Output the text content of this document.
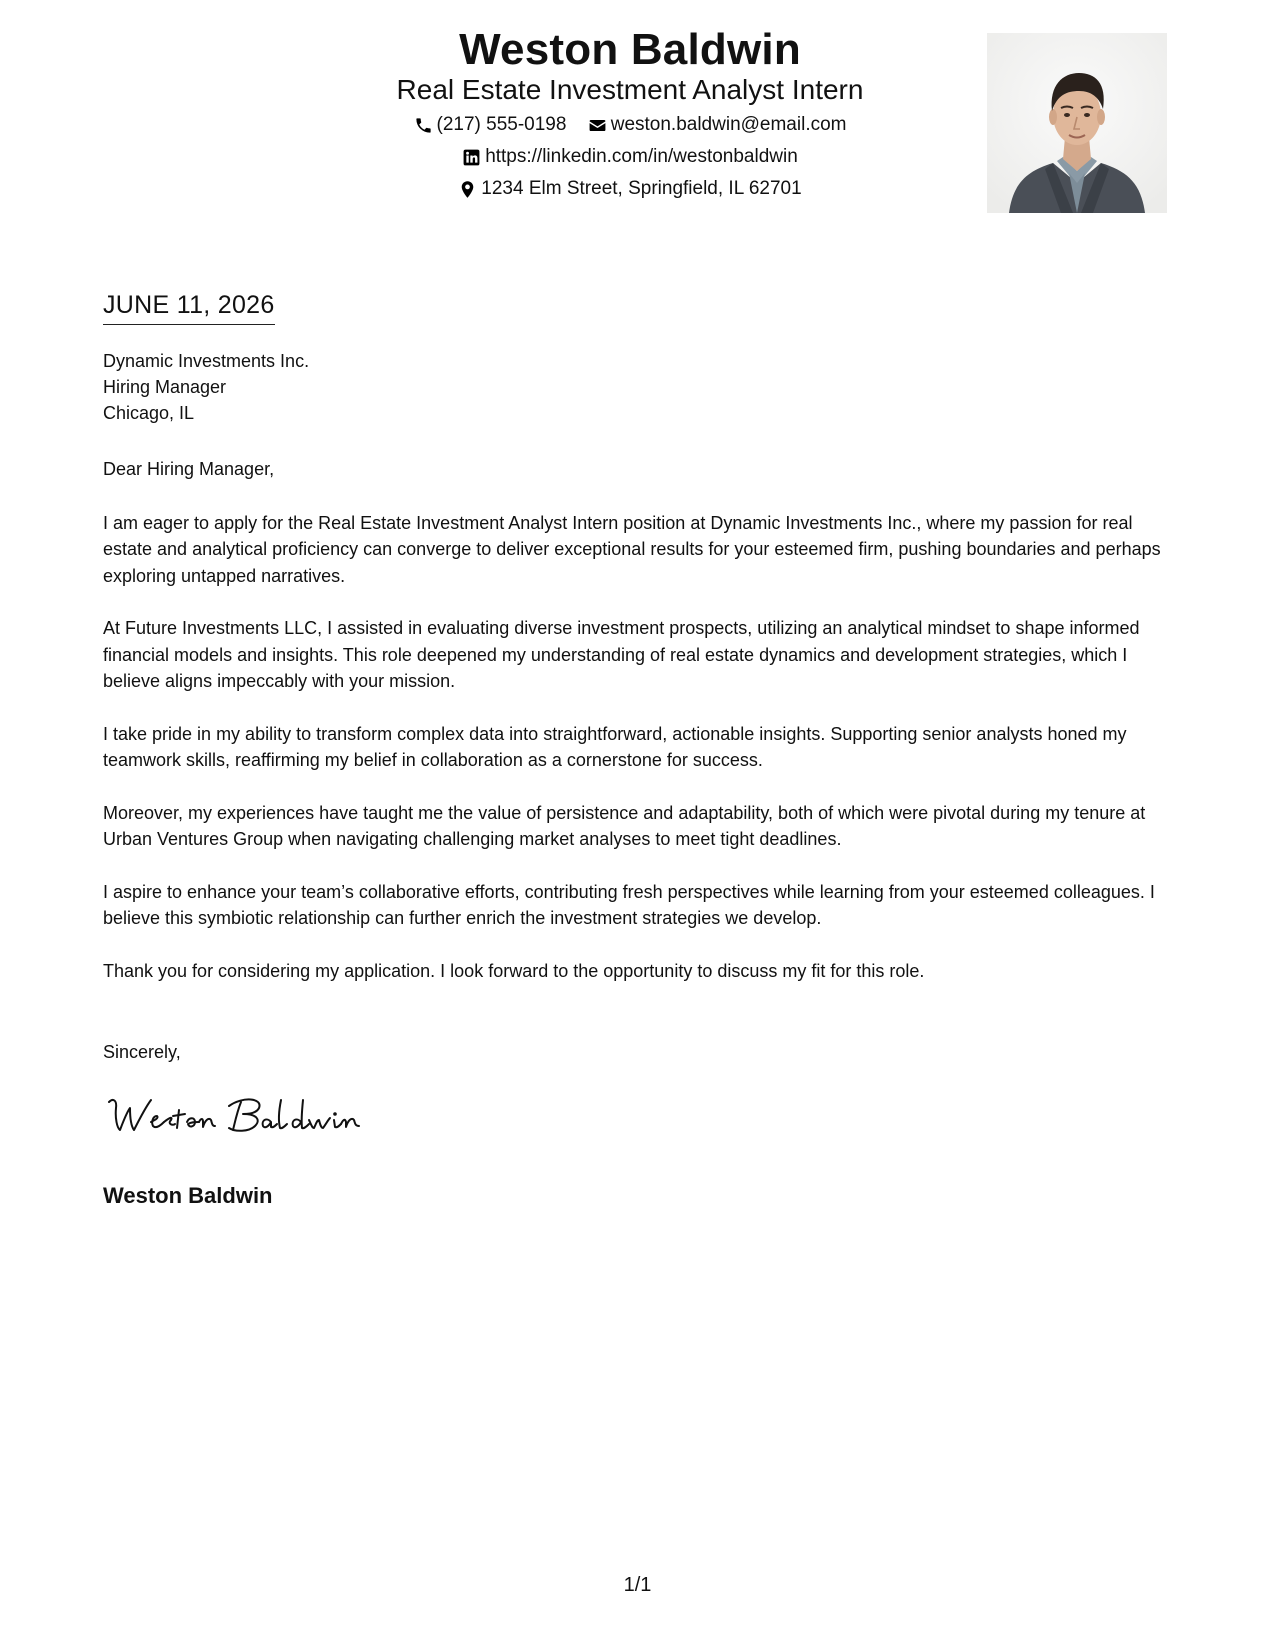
Weston Baldwin
Real Estate Investment Analyst Intern
(217) 555-0198
weston.baldwin@email.com
https://linkedin.com/in/westonbaldwin
1234 Elm Street, Springfield, IL 62701
JUNE 11, 2026
Dynamic Investments Inc.
Hiring Manager
Chicago, IL

Dear Hiring Manager,

I am eager to apply for the Real Estate Investment Analyst Intern position at Dynamic Investments Inc., where my passion for real estate and analytical proficiency can converge to deliver exceptional results for your esteemed firm, pushing boundaries and perhaps exploring untapped narratives.

At Future Investments LLC, I assisted in evaluating diverse investment prospects, utilizing an analytical mindset to shape informed financial models and insights. This role deepened my understanding of real estate dynamics and development strategies, which I believe aligns impeccably with your mission.

I take pride in my ability to transform complex data into straightforward, actionable insights. Supporting senior analysts honed my teamwork skills, reaffirming my belief in collaboration as a cornerstone for success.

Moreover, my experiences have taught me the value of persistence and adaptability, both of which were pivotal during my tenure at Urban Ventures Group when navigating challenging market analyses to meet tight deadlines.

I aspire to enhance your team’s collaborative efforts, contributing fresh perspectives while learning from your esteemed colleagues. I believe this symbiotic relationship can further enrich the investment strategies we develop.

Thank you for considering my application. I look forward to the opportunity to discuss my fit for this role.

Sincerely,
Weston Baldwin
1/1
